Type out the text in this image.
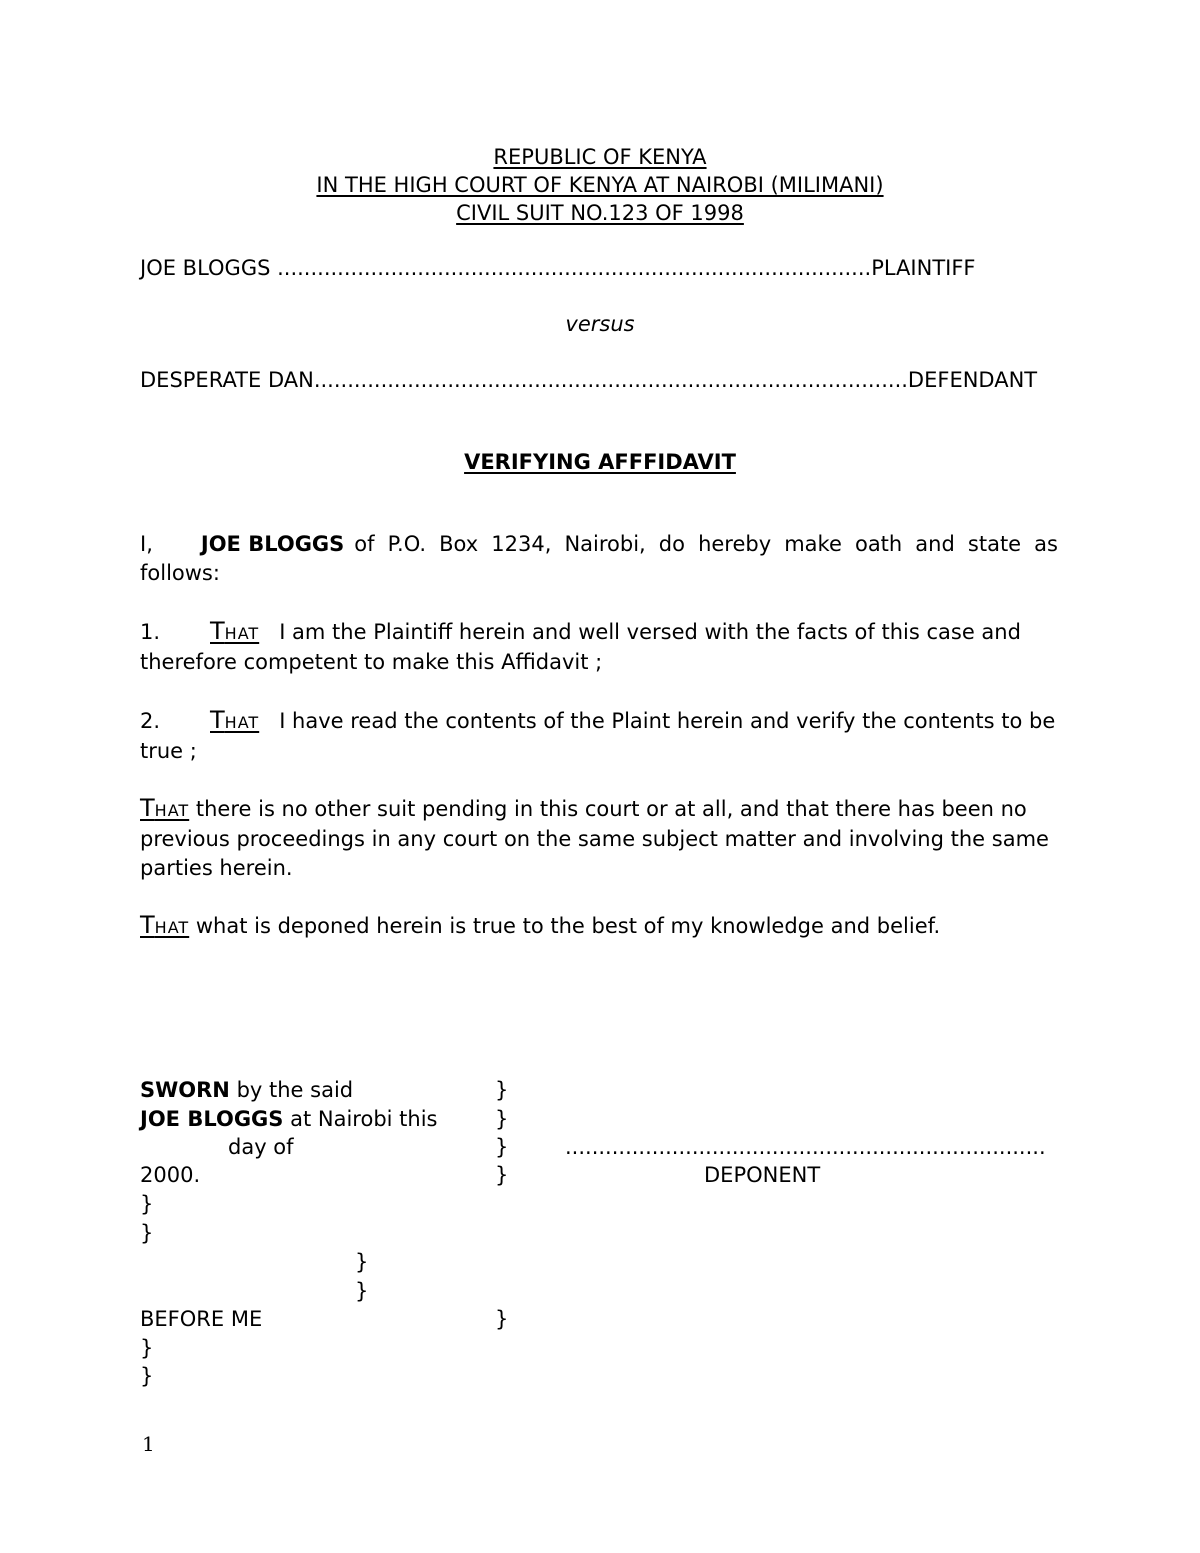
REPUBLIC OF KENYA
IN THE HIGH COURT OF KENYA AT NAIROBI (MILIMANI)
CIVIL SUIT NO.123 OF 1998
JOE BLOGGS .........................................................................................PLAINTIFF
versus
DESPERATE DAN.........................................................................................DEFENDANT
VERIFYING AFFFIDAVIT
I, JOE BLOGGS of P.O. Box 1234, Nairobi, do hereby make oath and state as
follows:
1. THAT I am the Plaintiff herein and well versed with the facts of this case and
therefore competent to make this Affidavit ;
2. THAT I have read the contents of the Plaint herein and verify the contents to be
true ;
THAT there is no other suit pending in this court or at all, and that there has been no
previous proceedings in any court on the same subject matter and involving the same
parties herein.
THAT what is deponed herein is true to the best of my knowledge and belief.
SWORN by the said
JOE BLOGGS at Nairobi this
day of
2000.
}
}
}
}
........................................................................
DEPONENT
}
}
}
}
BEFORE ME	}
}
}
1
